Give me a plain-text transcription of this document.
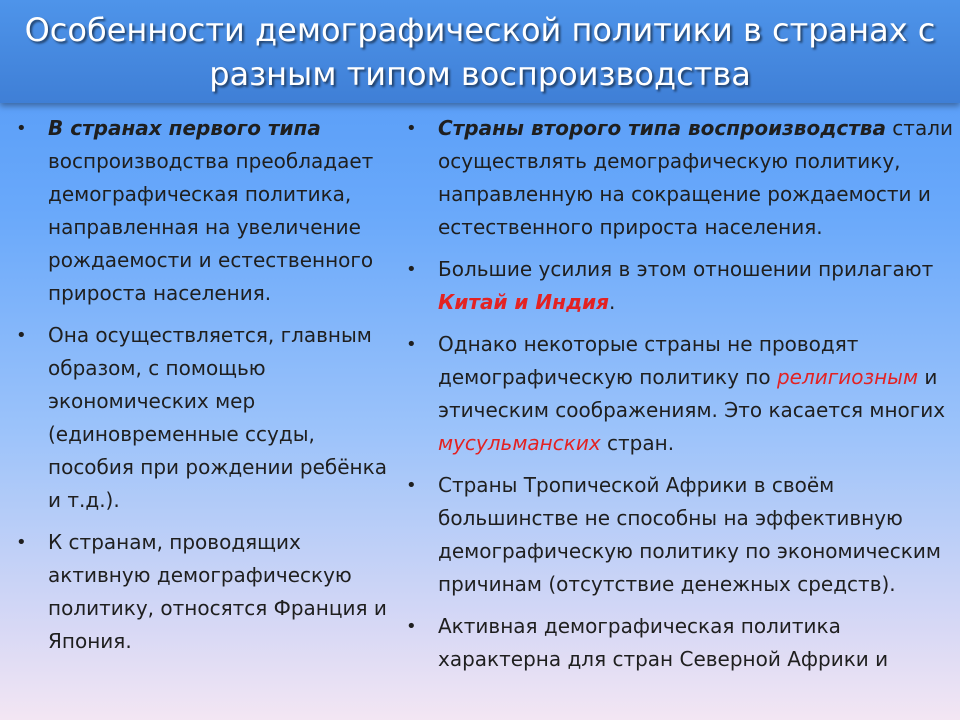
Особенности демографической политики в странах с разным типом воспроизводства
• В странах первого типа воспроизводства преобладает демографическая политика, направленная на увеличение рождаемости и естественного прироста населения.
• Она осуществляется, главным образом, с помощью экономических мер (единовременные ссуды, пособия при рождении ребёнка и т.д.).
• К странам, проводящих активную демографическую политику, относятся Франция и Япония.
• Страны второго типа воспроизводства стали осуществлять демографическую политику, направленную на сокращение рождаемости и естественного прироста населения.
• Большие усилия в этом отношении прилагают Китай и Индия.
• Однако некоторые страны не проводят демографическую политику по религиозным и этическим соображениям. Это касается многих мусульманских стран.
• Страны Тропической Африки в своём большинстве не способны на эффективную демографическую политику по экономическим причинам (отсутствие денежных средств).
• Активная демографическая политика характерна для стран Северной Африки и
